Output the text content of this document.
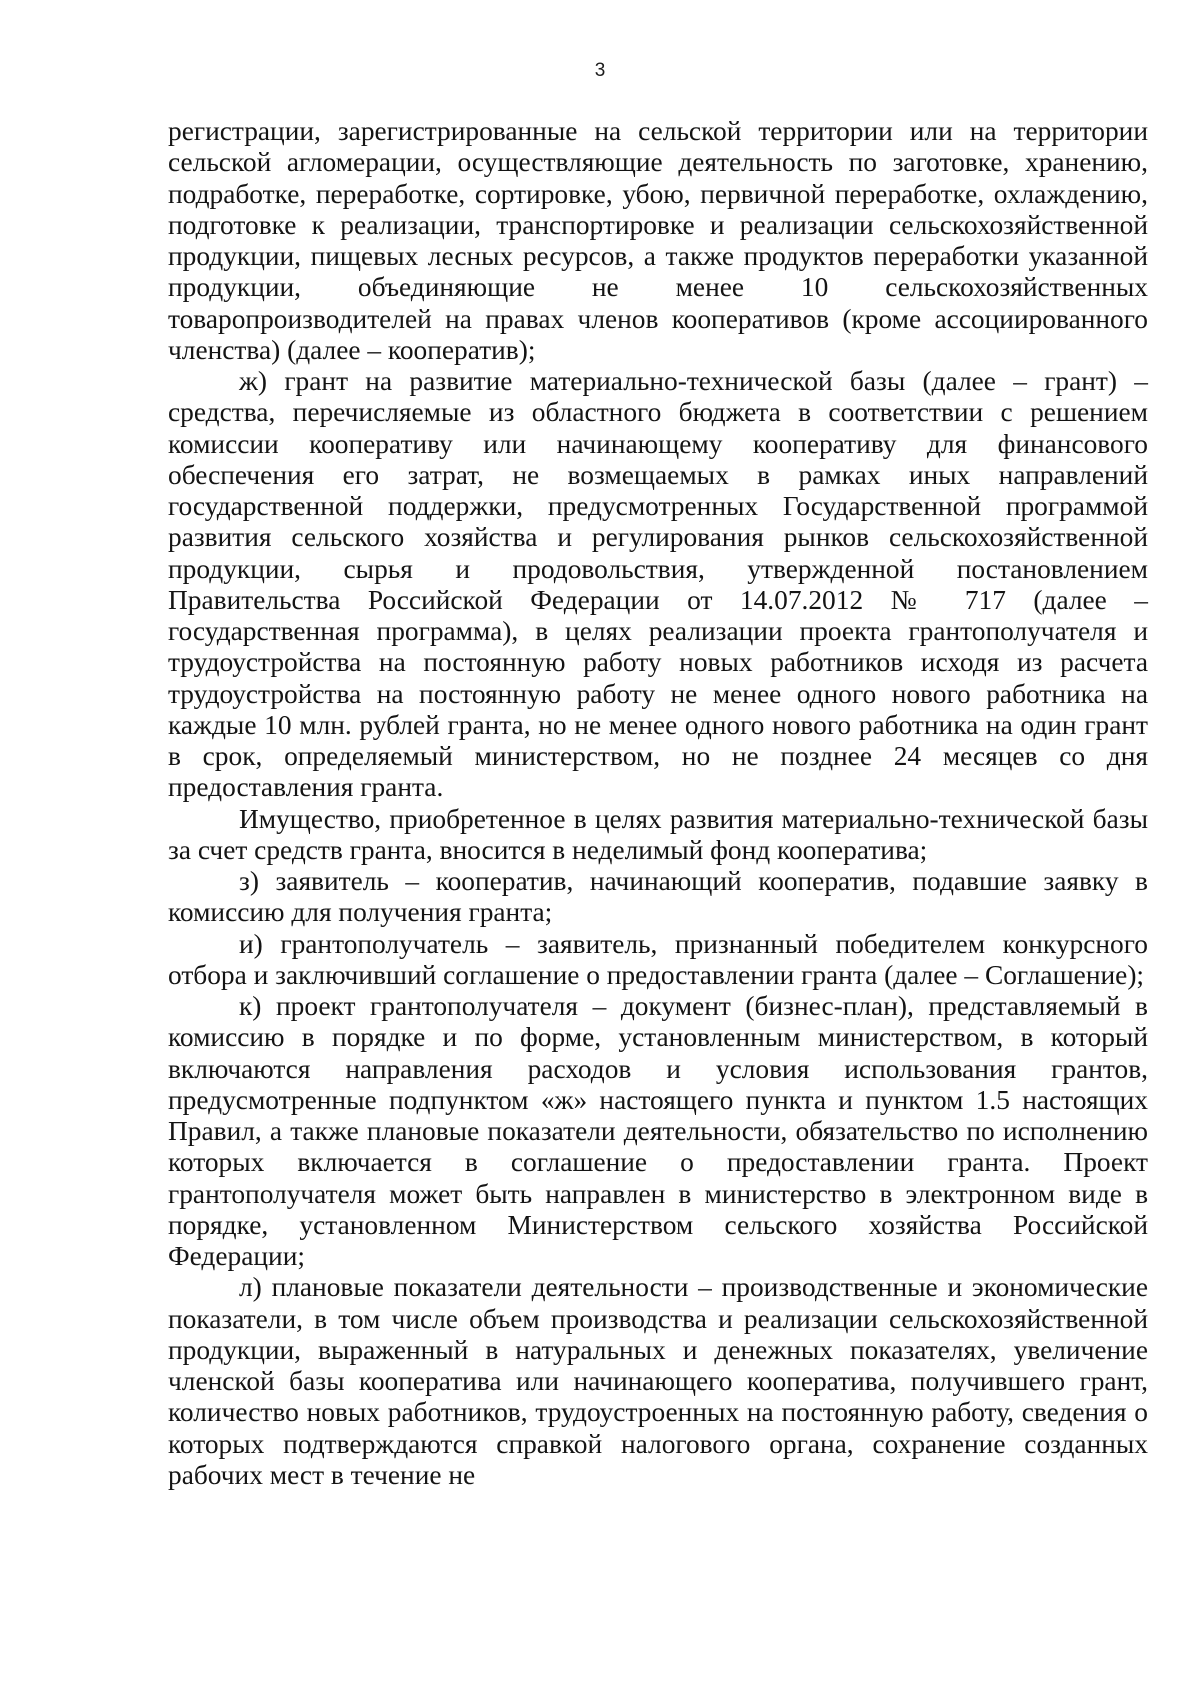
3

регистрации, зарегистрированные на сельской территории или на территории сельской агломерации, осуществляющие деятельность по заготовке, хранению, подработке, переработке, сортировке, убою, первичной переработке, охлаждению, подготовке к реализации, транспортировке и реализации сельскохозяйственной продукции, пищевых лесных ресурсов, а также продуктов переработки указанной продукции, объединяющие не менее 10 сельскохозяйственных товаропроизводителей на правах членов кооперативов (кроме ассоциированного членства) (далее – кооператив);

ж) грант на развитие материально-технической базы (далее – грант) – средства, перечисляемые из областного бюджета в соответствии с решением комиссии кооперативу или начинающему кооперативу для финансового обеспечения его затрат, не возмещаемых в рамках иных направлений государственной поддержки, предусмотренных Государственной программой развития сельского хозяйства и регулирования рынков сельскохозяйственной продукции, сырья и продовольствия, утвержденной постановлением Правительства Российской Федерации от 14.07.2012 № 717 (далее – государственная программа), в целях реализации проекта грантополучателя и трудоустройства на постоянную работу новых работников исходя из расчета трудоустройства на постоянную работу не менее одного нового работника на каждые 10 млн. рублей гранта, но не менее одного нового работника на один грант в срок, определяемый министерством, но не позднее 24 месяцев со дня предоставления гранта.

Имущество, приобретенное в целях развития материально-технической базы за счет средств гранта, вносится в неделимый фонд кооператива;

з) заявитель – кооператив, начинающий кооператив, подавшие заявку в комиссию для получения гранта;

и) грантополучатель – заявитель, признанный победителем конкурсного отбора и заключивший соглашение о предоставлении гранта (далее – Соглашение);

к) проект грантополучателя – документ (бизнес-план), представляемый в комиссию в порядке и по форме, установленным министерством, в который включаются направления расходов и условия использования грантов, предусмотренные подпунктом «ж» настоящего пункта и пунктом 1.5 настоящих Правил, а также плановые показатели деятельности, обязательство по исполнению которых включается в соглашение о предоставлении гранта. Проект грантополучателя может быть направлен в министерство в электронном виде в порядке, установленном Министерством сельского хозяйства Российской Федерации;

л) плановые показатели деятельности – производственные и экономические показатели, в том числе объем производства и реализации сельскохозяйственной продукции, выраженный в натуральных и денежных показателях, увеличение членской базы кооператива или начинающего кооператива, получившего грант, количество новых работников, трудоустроенных на постоянную работу, сведения о которых подтверждаются справкой налогового органа, сохранение созданных рабочих мест в течение не
